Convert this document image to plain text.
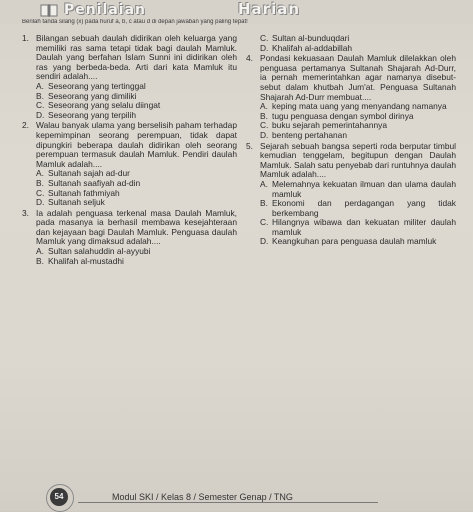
Penilaian	Harian
Berilah tanda silang (x) pada huruf a, b, c atau d di depan jawaban yang paling tepat!
1. Bilangan sebuah daulah didirikan oleh keluarga yang memiliki ras sama tetapi tidak bagi daulah Mamluk. Daulah yang berfahan Islam Sunni ini didirikan oleh ras yang berbeda-beda. Arti dari kata Mamluk itu sendiri adalah....
A. Seseorang yang tertinggal
B. Seseorang yang dimiliki
C. Seseorang yang selalu diingat
D. Seseorang yang terpilih
2. Walau banyak ulama yang berselisih paham terhadap kepemimpinan seorang perempuan, tidak dapat dipungkiri beberapa daulah didirikan oleh seorang perempuan termasuk daulah Mamluk. Pendiri daulah Mamluk adalah....
A. Sultanah sajah ad-dur
B. Sultanah saafiyah ad-din
C. Sultanah fathmiyah
D. Sultanah seljuk
3. Ia adalah penguasa terkenal masa Daulah Mamluk, pada masanya ia berhasil membawa kesejahteraan dan kejayaan bagi Daulah Mamluk. Penguasa daulah Mamluk yang dimaksud adalah....
A. Sultan salahuddin al-ayyubi
B. Khalifah al-mustadhi
C. Sultan al-bunduqdari
D. Khalifah al-addabillah
4. Pondasi kekuasaan Daulah Mamluk dilelakkan oleh penguasa pertamanya Sultanah Shajarah Ad-Durr, ia pernah memerintahkan agar namanya disebut-sebut dalam khutbah Jum'at. Penguasa Sultanah Shajarah Ad-Durr membuat....
A. keping mata uang yang menyandang namanya
B. tugu penguasa dengan symbol dirinya
C. buku sejarah pemerintahannya
D. benteng pertahanan
5. Sejarah sebuah bangsa seperti roda berputar timbul kemudian tenggelam, begitupun dengan Daulah Mamluk. Salah satu penyebab dari runtuhnya daulah Mamluk adalah....
A. Melemahnya kekuatan ilmuan dan ulama daulah mamluk
B. Ekonomi dan perdagangan yang tidak berkembang
C. Hilangnya wibawa dan kekuatan militer daulah mamluk
D. Keangkuhan para penguasa daulah mamluk
54	Modul SKI / Kelas 8 / Semester Genap / TNG
